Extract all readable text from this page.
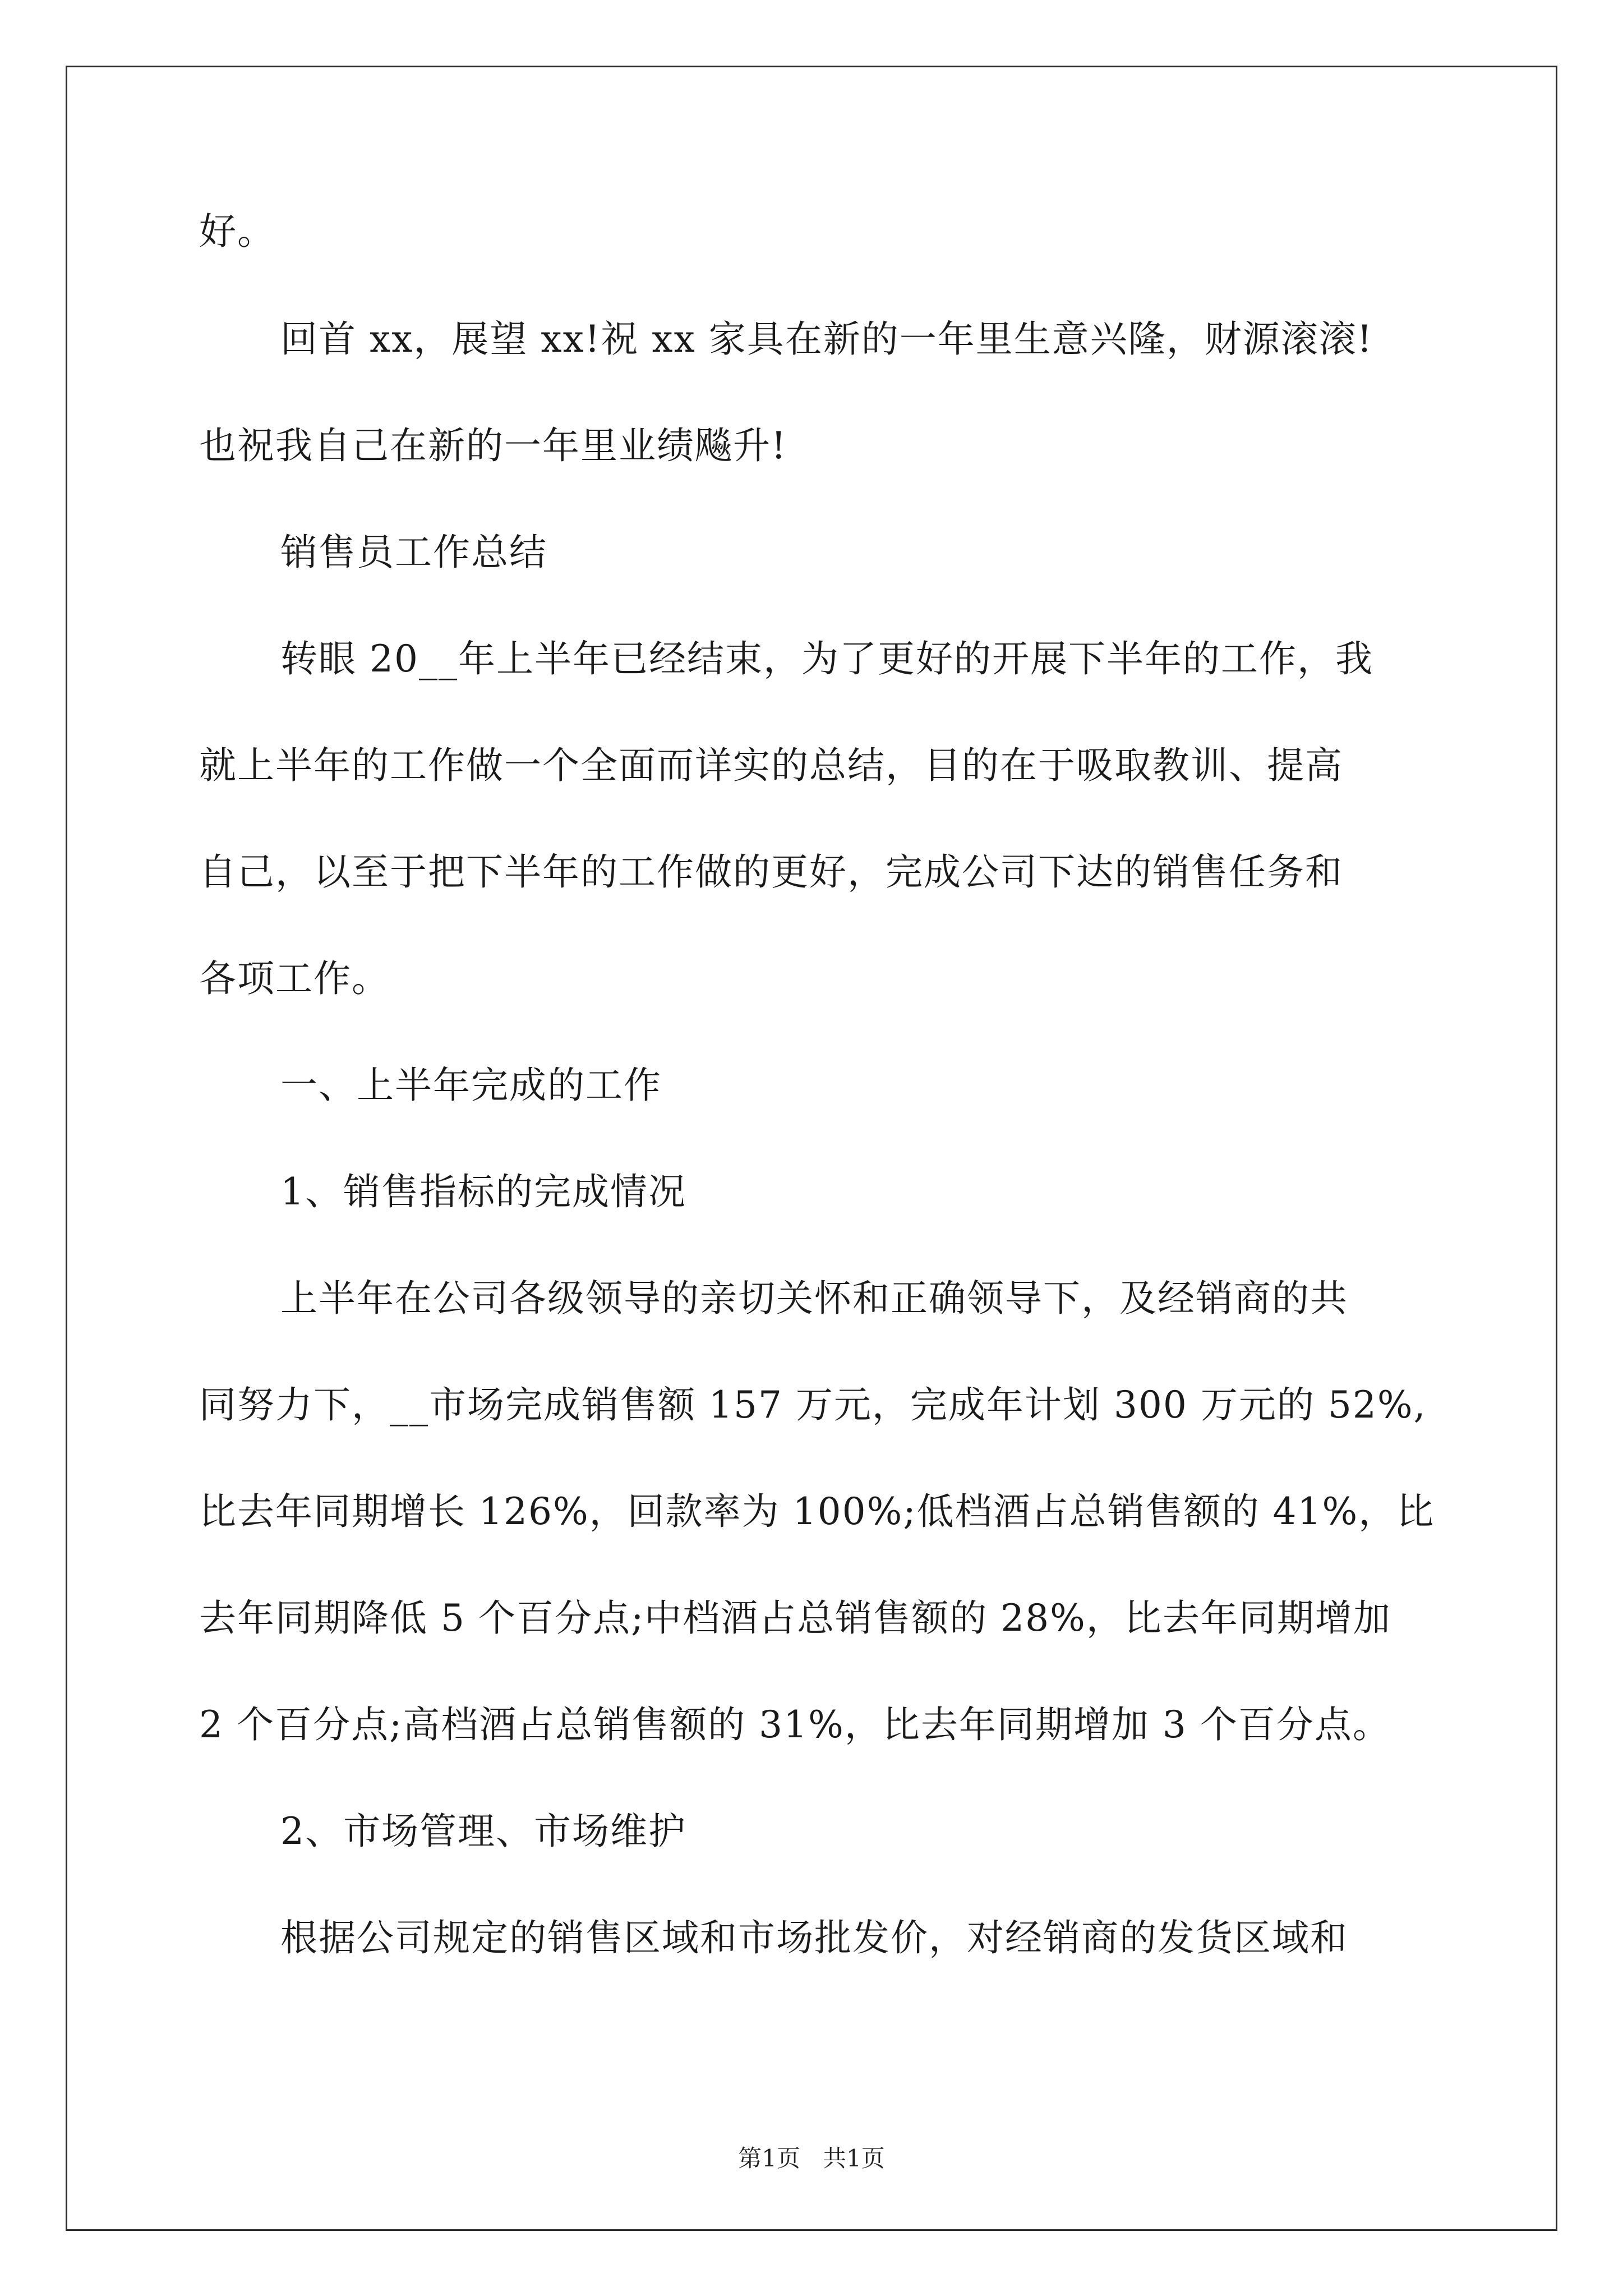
好。
回首 xx，展望 xx!祝 xx 家具在新的一年里生意兴隆，财源滚滚!
也祝我自己在新的一年里业绩飚升!
销售员工作总结
转眼 20__年上半年已经结束，为了更好的开展下半年的工作，我
就上半年的工作做一个全面而详实的总结，目的在于吸取教训、提高
自己，以至于把下半年的工作做的更好，完成公司下达的销售任务和
各项工作。
一、上半年完成的工作
1、销售指标的完成情况
上半年在公司各级领导的亲切关怀和正确领导下，及经销商的共
同努力下，__市场完成销售额 157 万元，完成年计划 300 万元的 52%,
比去年同期增长 126%，回款率为 100%;低档酒占总销售额的 41%，比
去年同期降低 5 个百分点;中档酒占总销售额的 28%，比去年同期增加
2 个百分点;高档酒占总销售额的 31%，比去年同期增加 3 个百分点。
2、市场管理、市场维护
根据公司规定的销售区域和市场批发价，对经销商的发货区域和
第1页 共1页
